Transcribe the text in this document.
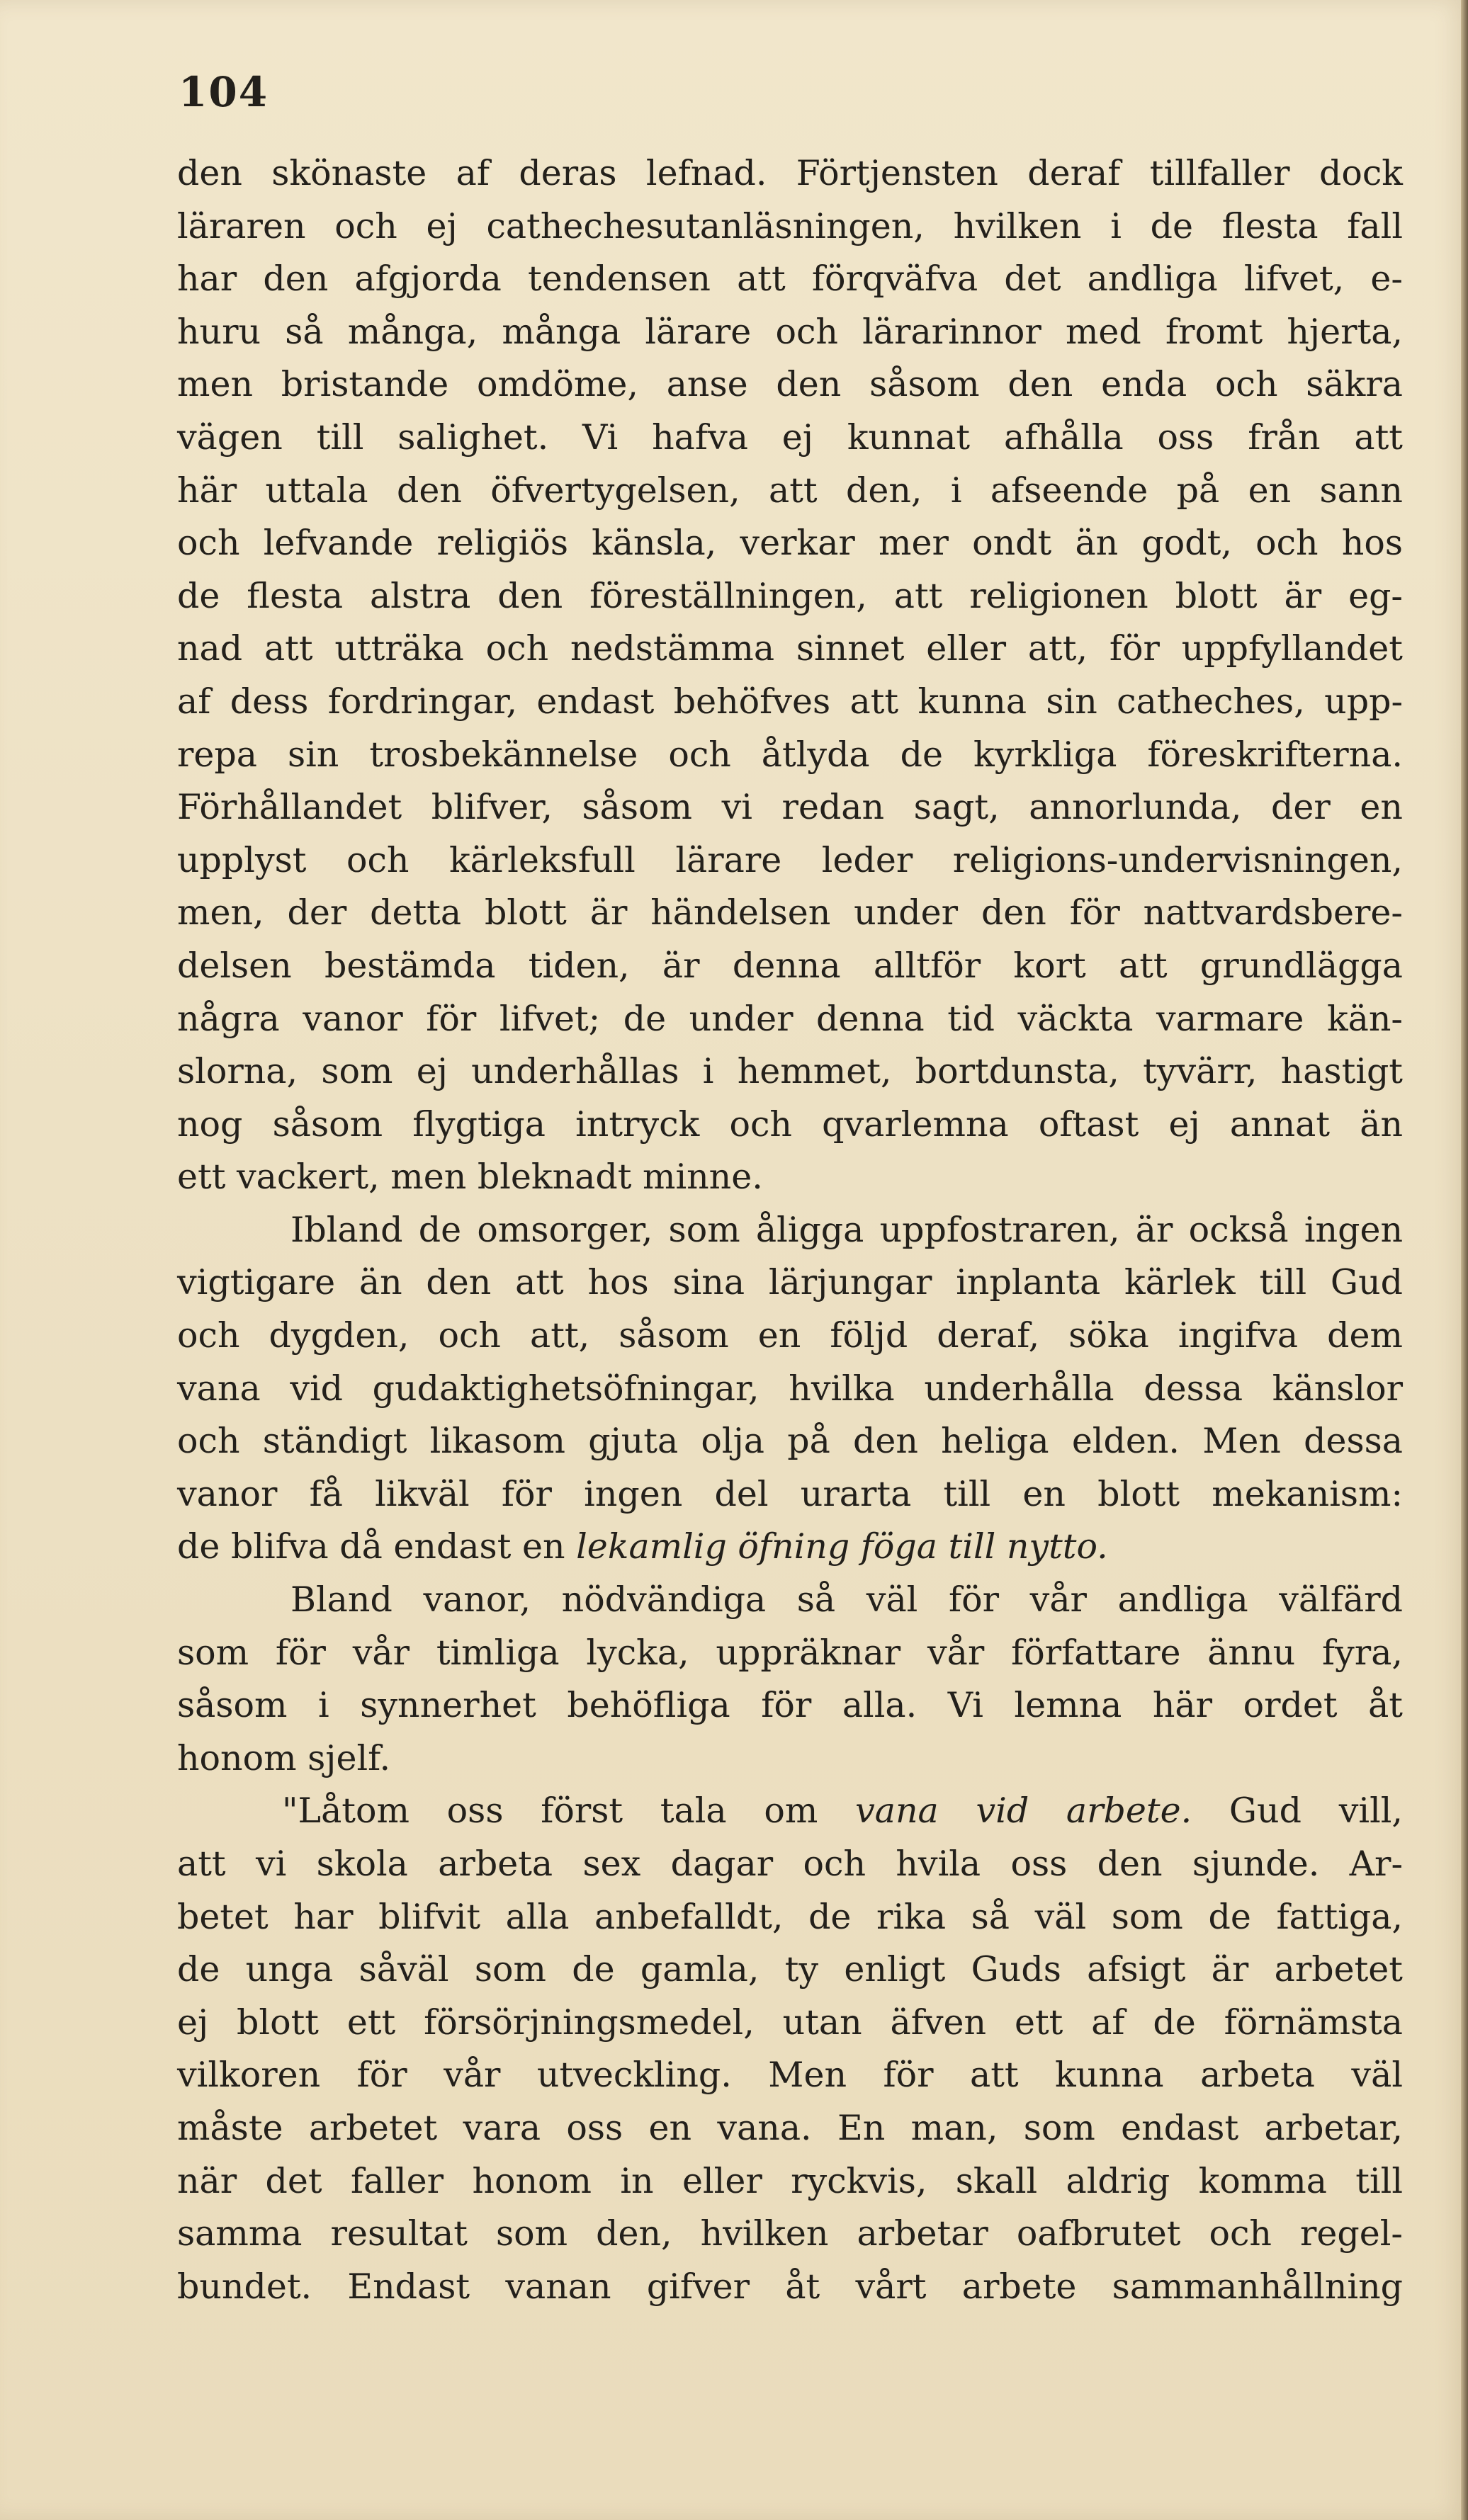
104
den skönaste af deras lefnad. Förtjensten deraf tillfaller dock
läraren och ej cathechesutanläsningen, hvilken i de flesta fall
har den afgjorda tendensen att förqväfva det andliga lifvet, e-
huru så många, många lärare och lärarinnor med fromt hjerta,
men bristande omdöme, anse den såsom den enda och säkra
vägen till salighet. Vi hafva ej kunnat afhålla oss från att
här uttala den öfvertygelsen, att den, i afseende på en sann
och lefvande religiös känsla, verkar mer ondt än godt, och hos
de flesta alstra den föreställningen, att religionen blott är eg-
nad att utträka och nedstämma sinnet eller att, för uppfyllandet
af dess fordringar, endast behöfves att kunna sin catheches, upp-
repa sin trosbekännelse och åtlyda de kyrkliga föreskrifterna.
Förhållandet blifver, såsom vi redan sagt, annorlunda, der en
upplyst och kärleksfull lärare leder religions-undervisningen,
men, der detta blott är händelsen under den för nattvardsbere-
delsen bestämda tiden, är denna alltför kort att grundlägga
några vanor för lifvet; de under denna tid väckta varmare kän-
slorna, som ej underhållas i hemmet, bortdunsta, tyvärr, hastigt
nog såsom flygtiga intryck och qvarlemna oftast ej annat än
ett vackert, men bleknadt minne.
Ibland de omsorger, som åligga uppfostraren, är också ingen
vigtigare än den att hos sina lärjungar inplanta kärlek till Gud
och dygden, och att, såsom en följd deraf, söka ingifva dem
vana vid gudaktighetsöfningar, hvilka underhålla dessa känslor
och ständigt likasom gjuta olja på den heliga elden. Men dessa
vanor få likväl för ingen del urarta till en blott mekanism:
de blifva då endast en lekamlig öfning föga till nytto.
Bland vanor, nödvändiga så väl för vår andliga välfärd
som för vår timliga lycka, uppräknar vår författare ännu fyra,
såsom i synnerhet behöfliga för alla. Vi lemna här ordet åt
honom sjelf.
"Låtom oss först tala om vana vid arbete. Gud vill,
att vi skola arbeta sex dagar och hvila oss den sjunde. Ar-
betet har blifvit alla anbefalldt, de rika så väl som de fattiga,
de unga såväl som de gamla, ty enligt Guds afsigt är arbetet
ej blott ett försörjningsmedel, utan äfven ett af de förnämsta
vilkoren för vår utveckling. Men för att kunna arbeta väl
måste arbetet vara oss en vana. En man, som endast arbetar,
när det faller honom in eller ryckvis, skall aldrig komma till
samma resultat som den, hvilken arbetar oafbrutet och regel-
bundet. Endast vanan gifver åt vårt arbete sammanhållning
